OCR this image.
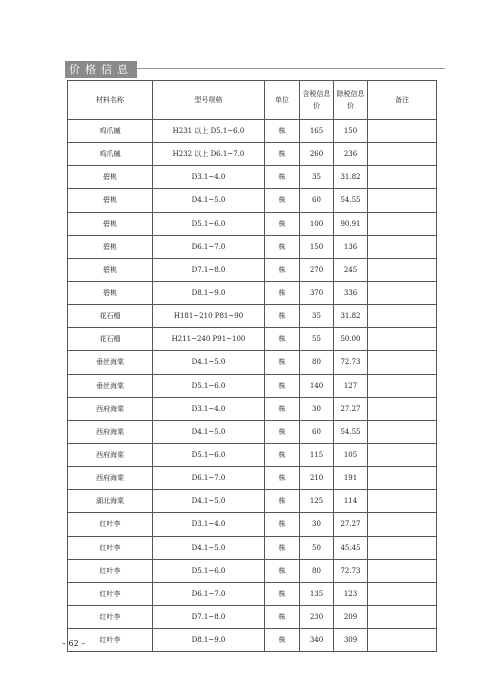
价格信息
材料名称	型号规格	单位	含税信息价	除税信息价	备注
鸡爪槭	H231 以上 D5.1~6.0	株	165	150	
鸡爪槭	H232 以上 D6.1~7.0	株	260	236	
碧桃	D3.1~4.0	株	35	31.82	
碧桃	D4.1~5.0	株	60	54.55	
碧桃	D5.1~6.0	株	100	90.91	
碧桃	D6.1~7.0	株	150	136	
碧桃	D7.1~8.0	株	270	245	
碧桃	D8.1~9.0	株	370	336	
花石榴	H181~210 P81~90	株	35	31.82	
花石榴	H211~240 P91~100	株	55	50.00	
垂丝海棠	D4.1~5.0	株	80	72.73	
垂丝海棠	D5.1~6.0	株	140	127	
西府海棠	D3.1~4.0	株	30	27.27	
西府海棠	D4.1~5.0	株	60	54.55	
西府海棠	D5.1~6.0	株	115	105	
西府海棠	D6.1~7.0	株	210	191	
湖北海棠	D4.1~5.0	株	125	114	
红叶李	D3.1~4.0	株	30	27.27	
红叶李	D4.1~5.0	株	50	45.45	
红叶李	D5.1~6.0	株	80	72.73	
红叶李	D6.1~7.0	株	135	123	
红叶李	D7.1~8.0	株	230	209	
红叶李	D8.1~9.0	株	340	309	
– 62 –
